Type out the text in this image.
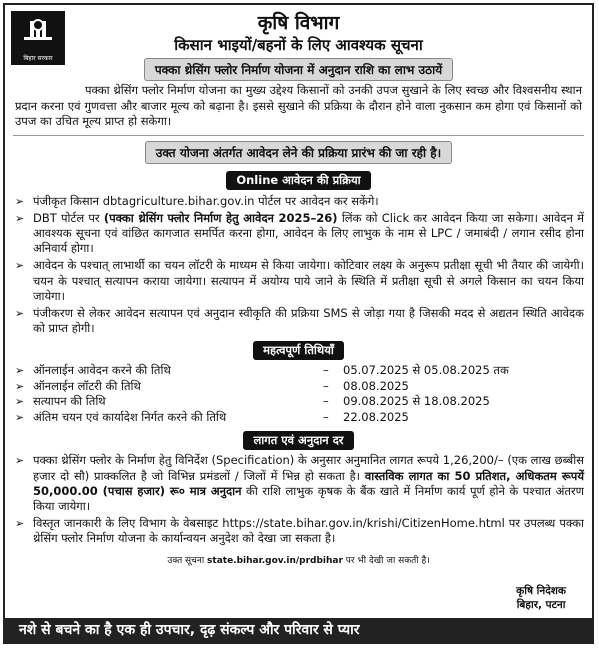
बिहार सरकार
कृषि विभाग
किसान भाइयों/बहनों के लिए आवश्यक सूचना
पक्का थ्रेसिंग फ्लोर निर्माण योजना में अनुदान राशि का लाभ उठायें
पक्का थ्रेसिंग फ्लोर निर्माण योजना का मुख्य उद्देश्य किसानों को उनकी उपज सुखाने के लिए स्वच्छ और विश्वसनीय स्थान प्रदान करना एवं गुणवत्ता और बाजार मूल्य को बढ़ाना है। इससे सुखाने की प्रक्रिया के दौरान होने वाला नुकसान कम होगा एवं किसानों को उपज का उचित मूल्य प्राप्त हो सकेगा।
उक्त योजना अंतर्गत आवेदन लेने की प्रक्रिया प्रारंभ की जा रही है।
Online आवेदन की प्रक्रिया
➢ पंजीकृत किसान dbtagriculture.bihar.gov.in पोर्टल पर आवेदन कर सकेंगे।
➢ DBT पोर्टल पर (पक्का थ्रेसिंग फ्लोर निर्माण हेतु आवेदन 2025–26) लिंक को Click कर आवेदन किया जा सकेगा। आवेदन में आवश्यक सूचना एवं वांछित कागजात समर्पित करना होगा, आवेदन के लिए लाभुक के नाम से LPC / जमाबंदी / लगान रसीद होना अनिवार्य होगा।
➢ आवेदन के पश्चात् लाभार्थी का चयन लॉटरी के माध्यम से किया जायेगा। कोटिवार लक्ष्य के अनुरूप प्रतीक्षा सूची भी तैयार की जायेगी। चयन के पश्चात् सत्यापन कराया जायेगा। सत्यापन में अयोग्य पाये जाने के स्थिति में प्रतीक्षा सूची से अगले किसान का चयन किया जायेगा।
➢ पंजीकरण से लेकर आवेदन सत्यापन एवं अनुदान स्वीकृति की प्रक्रिया SMS से जोड़ा गया है जिसकी मदद से अद्यतन स्थिति आवेदक को प्राप्त होगी।
महत्वपूर्ण तिथियाँ
➢ ऑनलाईन आवेदन करने की तिथि	–	05.07.2025 से 05.08.2025 तक
➢ ऑनलाईन लॉटरी की तिथि	–	08.08.2025
➢ सत्यापन की तिथि	–	09.08.2025 से 18.08.2025
➢ अंतिम चयन एवं कार्यादेश निर्गत करने की तिथि	–	22.08.2025
लागत एवं अनुदान दर
➢ पक्का थ्रेसिंग फ्लोर के निर्माण हेतु विनिर्देश (Specification) के अनुसार अनुमानित लागत रूपये 1,26,200/– (एक लाख छब्बीस हजार दो सौ) प्राक्कलित है जो विभिन्न प्रमंडलों / जिलों में भिन्न हो सकता है। वास्तविक लागत का 50 प्रतिशत, अधिकतम रूपयें 50,000.00 (पचास हजार) रू० मात्र अनुदान की राशि लाभुक कृषक के बैंक खाते में निर्माण कार्य पूर्ण होने के पश्चात अंतरण किया जायेगा।
➢ विस्तृत जानकारी के लिए विभाग के वेबसाइट https://state.bihar.gov.in/krishi/CitizenHome.html पर उपलब्ध पक्का थ्रेसिंग फ्लोर निर्माण योजना के कार्यान्वयन अनुदेश को देखा जा सकता है।
उक्त सूचना state.bihar.gov.in/prdbihar पर भी देखी जा सकती है।
कृषि निदेशक
बिहार, पटना
नशे से बचने का है एक ही उपचार, दृढ़ संकल्प और परिवार से प्यार
